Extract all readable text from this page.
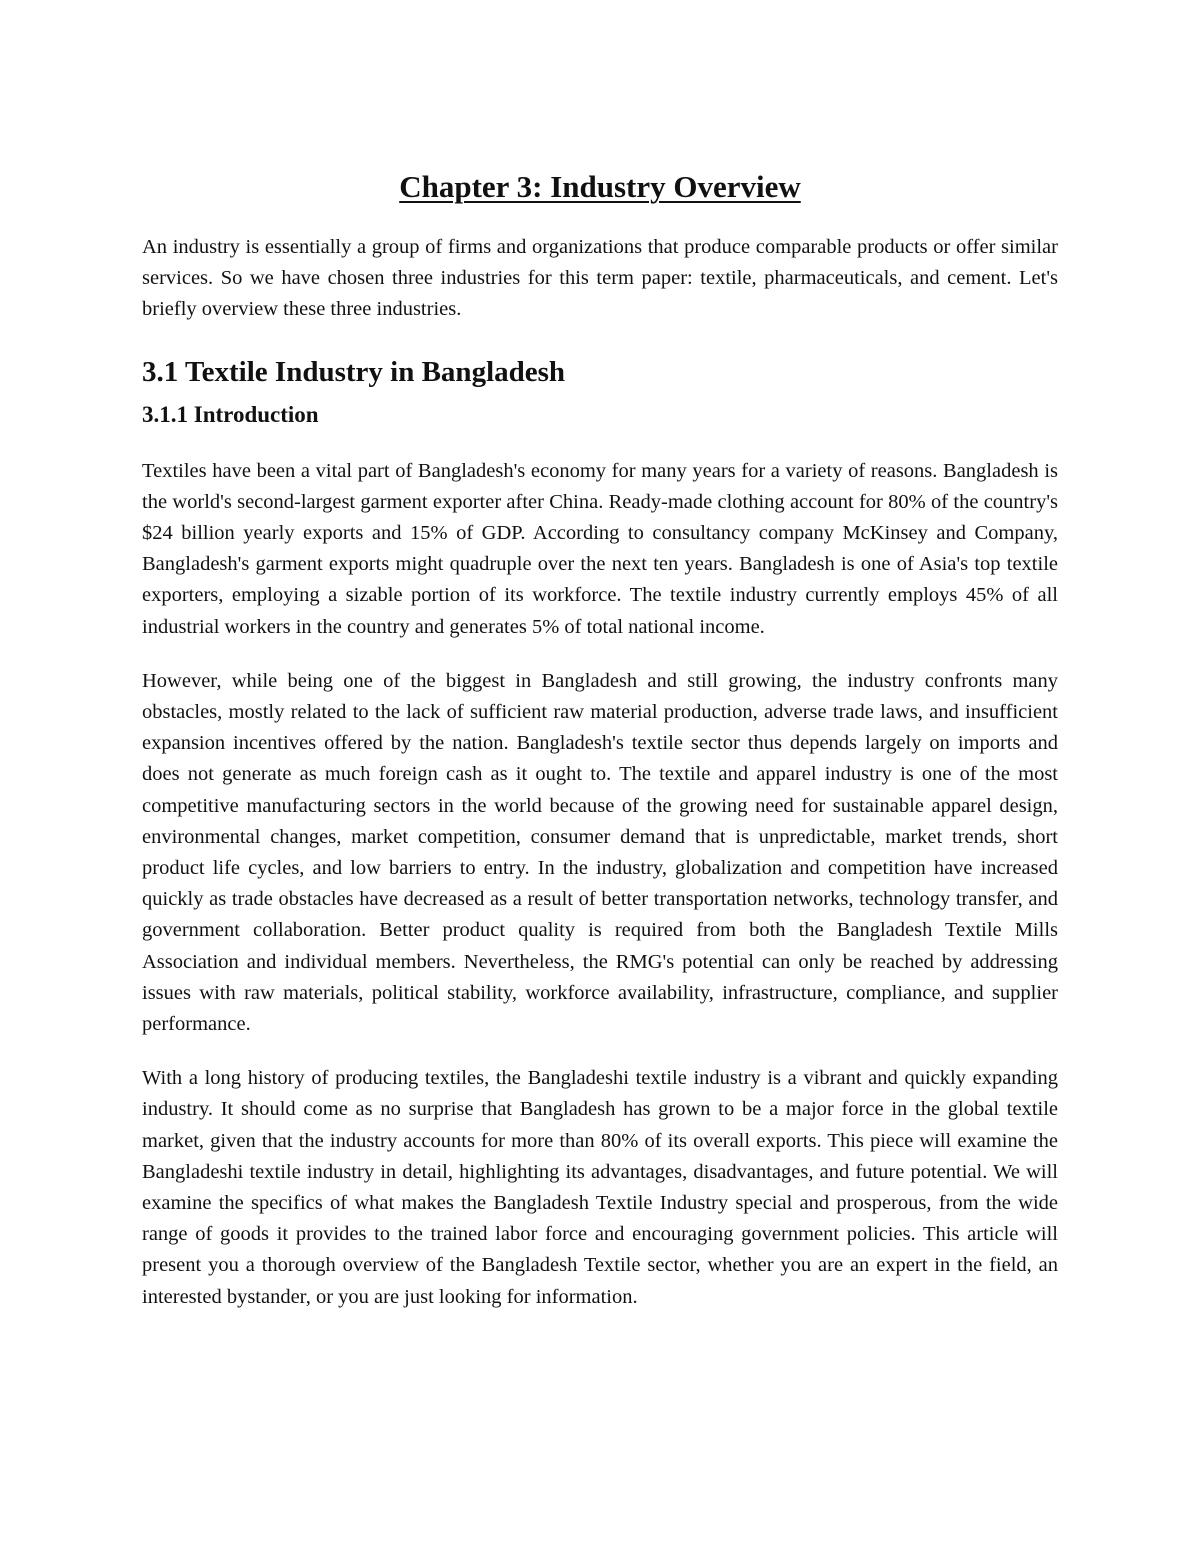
Chapter 3: Industry Overview

An industry is essentially a group of firms and organizations that produce comparable products or offer similar services. So we have chosen three industries for this term paper: textile, pharmaceuticals, and cement. Let's briefly overview these three industries.

3.1 Textile Industry in Bangladesh
3.1.1 Introduction

Textiles have been a vital part of Bangladesh's economy for many years for a variety of reasons. Bangladesh is the world's second-largest garment exporter after China. Ready-made clothing account for 80% of the country's $24 billion yearly exports and 15% of GDP. According to consultancy company McKinsey and Company, Bangladesh's garment exports might quadruple over the next ten years. Bangladesh is one of Asia's top textile exporters, employing a sizable portion of its workforce. The textile industry currently employs 45% of all industrial workers in the country and generates 5% of total national income.

However, while being one of the biggest in Bangladesh and still growing, the industry confronts many obstacles, mostly related to the lack of sufficient raw material production, adverse trade laws, and insufficient expansion incentives offered by the nation. Bangladesh's textile sector thus depends largely on imports and does not generate as much foreign cash as it ought to. The textile and apparel industry is one of the most competitive manufacturing sectors in the world because of the growing need for sustainable apparel design, environmental changes, market competition, consumer demand that is unpredictable, market trends, short product life cycles, and low barriers to entry. In the industry, globalization and competition have increased quickly as trade obstacles have decreased as a result of better transportation networks, technology transfer, and government collaboration. Better product quality is required from both the Bangladesh Textile Mills Association and individual members. Nevertheless, the RMG's potential can only be reached by addressing issues with raw materials, political stability, workforce availability, infrastructure, compliance, and supplier performance.

With a long history of producing textiles, the Bangladeshi textile industry is a vibrant and quickly expanding industry. It should come as no surprise that Bangladesh has grown to be a major force in the global textile market, given that the industry accounts for more than 80% of its overall exports. This piece will examine the Bangladeshi textile industry in detail, highlighting its advantages, disadvantages, and future potential. We will examine the specifics of what makes the Bangladesh Textile Industry special and prosperous, from the wide range of goods it provides to the trained labor force and encouraging government policies. This article will present you a thorough overview of the Bangladesh Textile sector, whether you are an expert in the field, an interested bystander, or you are just looking for information.
